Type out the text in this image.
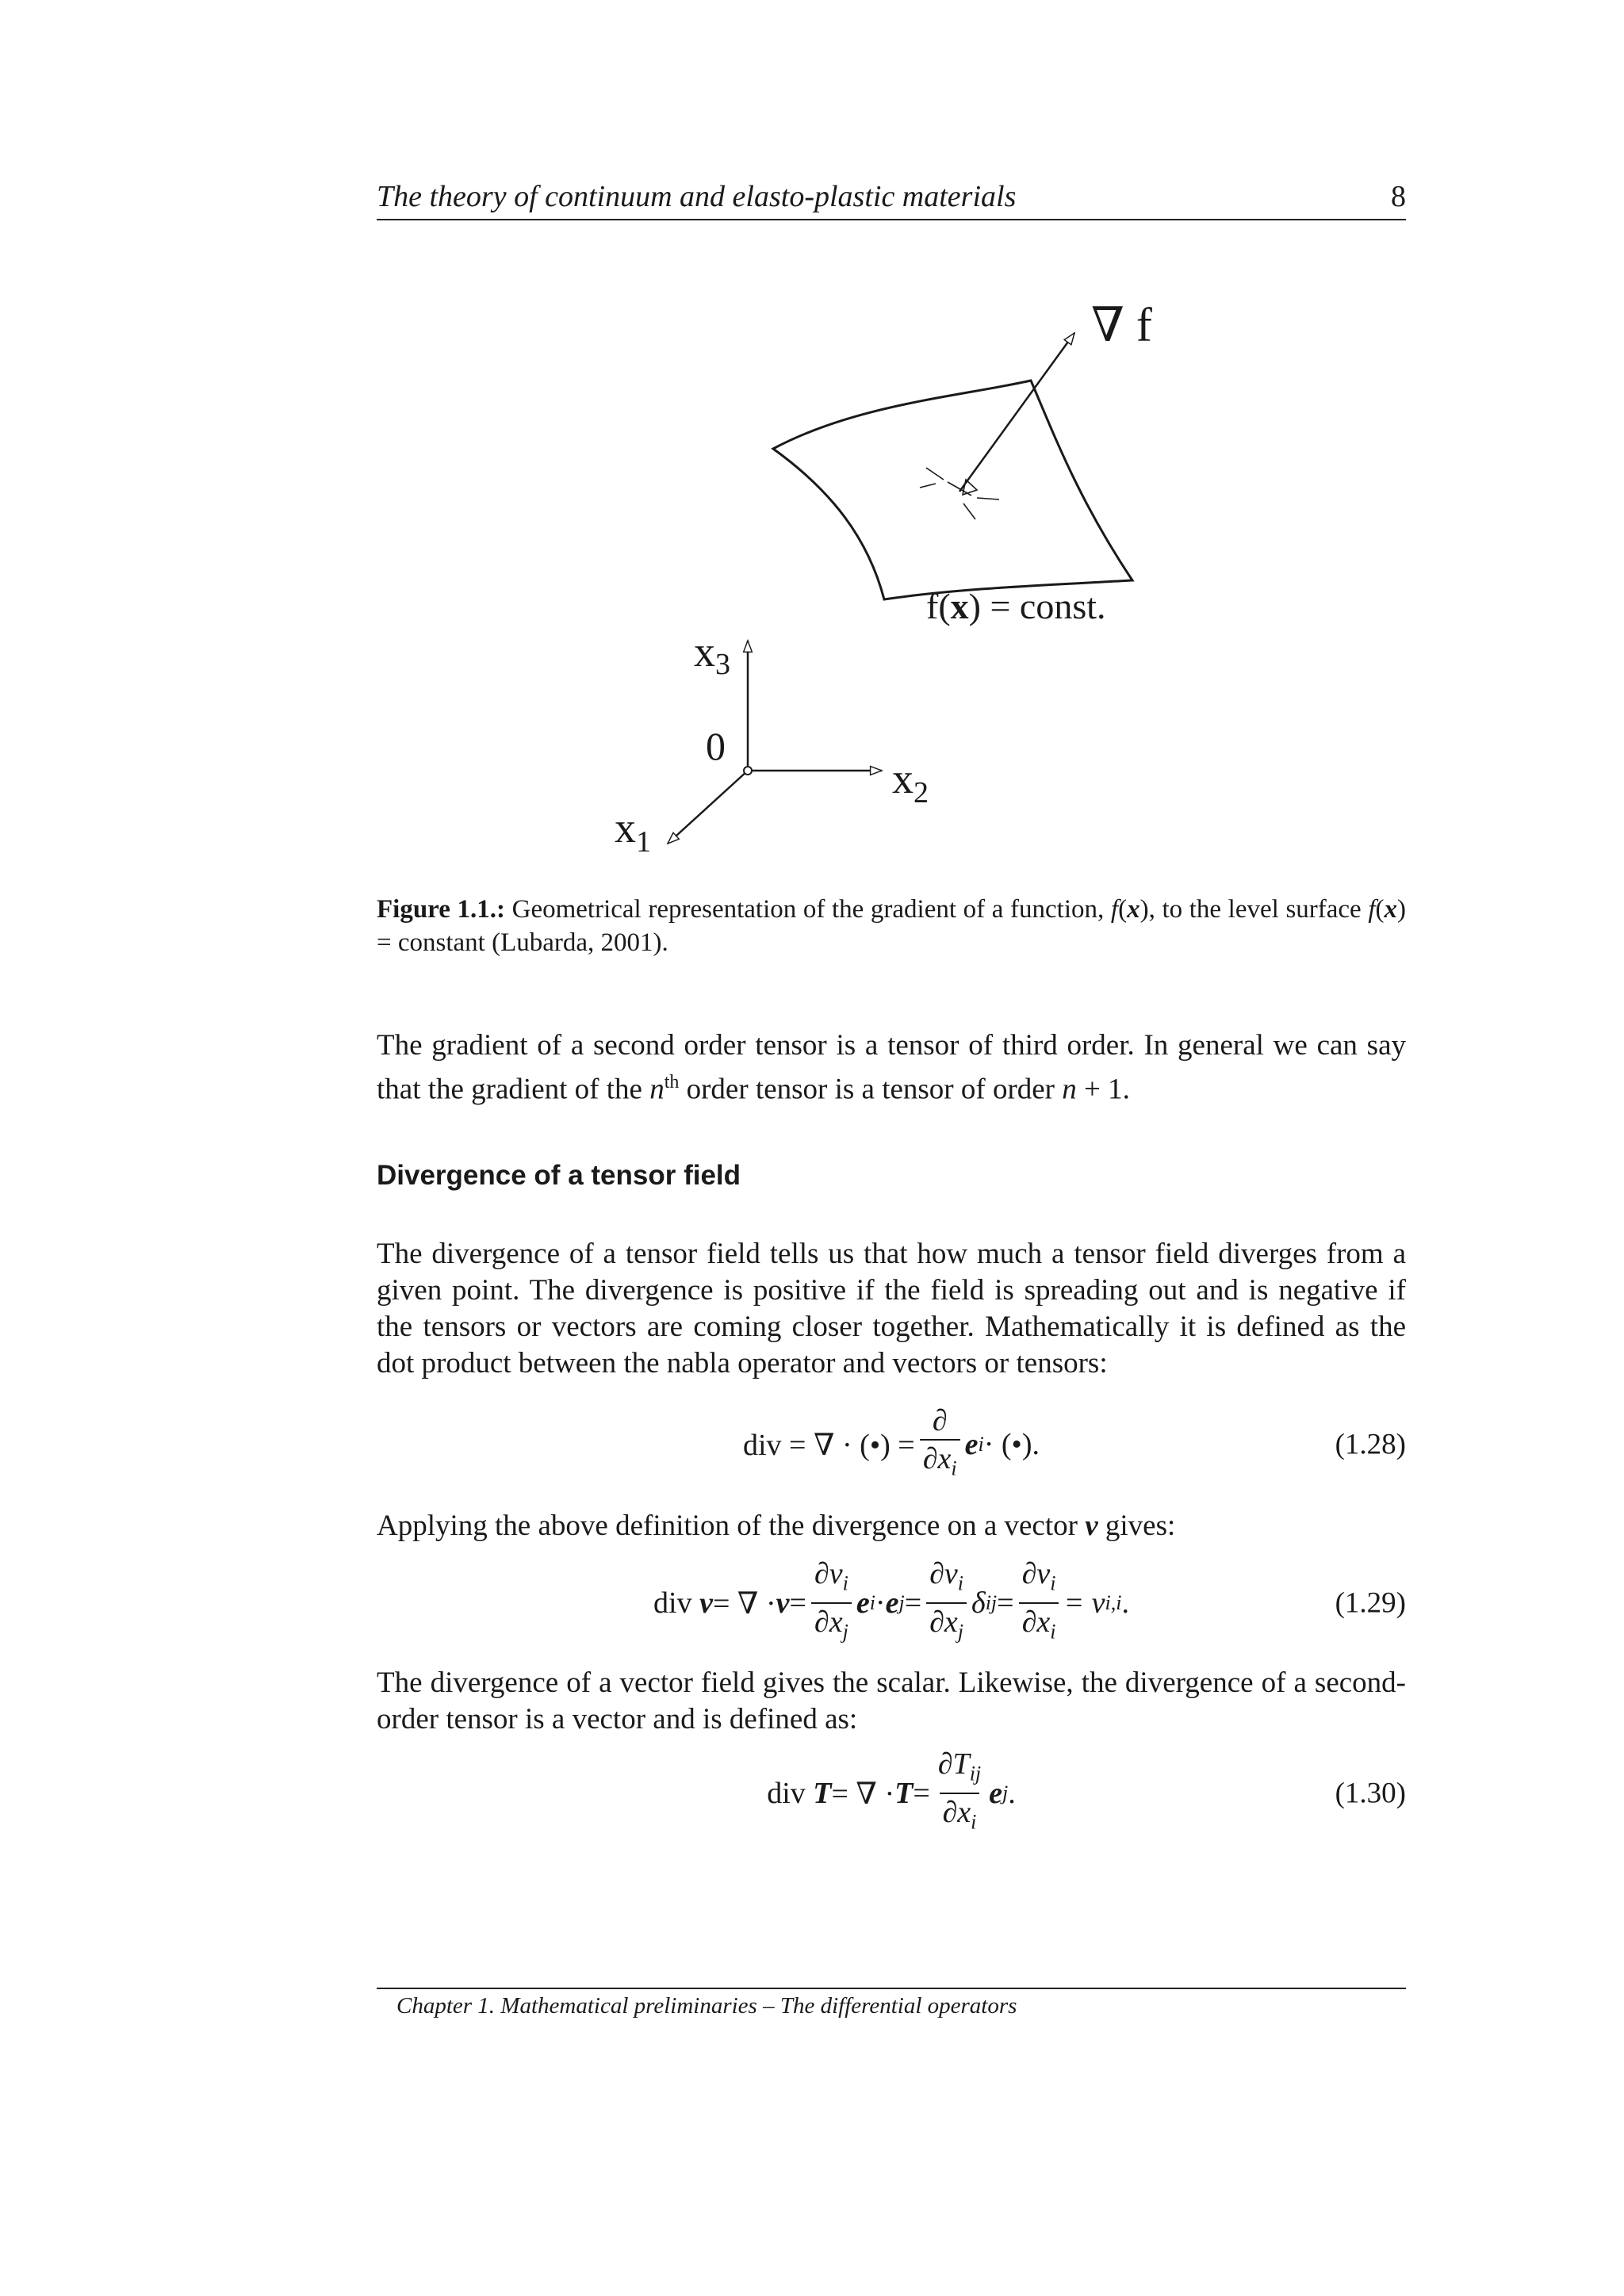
The theory of continuum and elasto-plastic materials	8
∇ f
f(x) = const.
x3
0
$x_2$
$x_1$
Figure 1.1.: Geometrical representation of the gradient of a function, f(x), to the level surface f(x) = constant (Lubarda, 2001).
The gradient of a second order tensor is a tensor of third order. In general we can say that the gradient of the $n^{th}$ order tensor is a tensor of order n + 1.
Divergence of a tensor field
The divergence of a tensor field tells us that how much a tensor field diverges from a given point. The divergence is positive if the field is spreading out and is negative if the tensors or vectors are coming closer together. Mathematically it is defined as the dot product between the nabla operator and vectors or tensors:
div = ∇ · (•) = $\frac{\partial}{\partial x_i}$ e i · (•).	(1.28)
Applying the above definition of the divergence on a vector v gives:
div
v = ∇ · $v = \frac{\partial v_i}{\partial x_j}$ e i · e $j = \frac{\partial v_i}{\partial x_j}$ δ ij = $\frac{\partial v_i}{\partial x_i} = v$ i,i .	(1.29)
The divergence of a vector field gives the scalar. Likewise, the divergence of a second-order tensor is a vector and is defined as:
div
T = ∇ · $T = \frac{\partial T_{ij}}{\partial x_i}$ e j .	(1.30)
Chapter 1. Mathematical preliminaries – The differential operators
